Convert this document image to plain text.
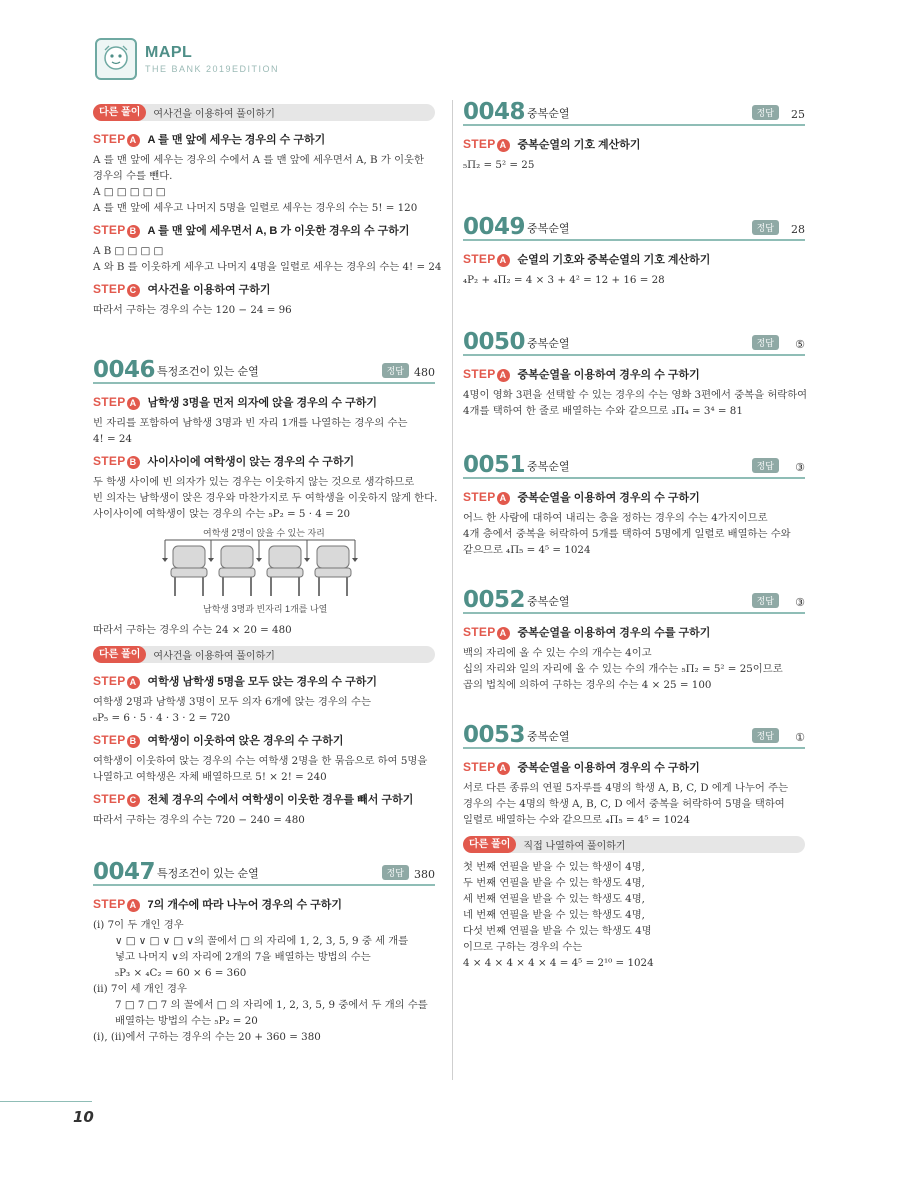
MAPL
THE BANK 2019EDITION
다른 풀이	여사건을 이용하여 풀이하기
STEP A A 를 맨 앞에 세우는 경우의 수 구하기
A 를 맨 앞에 세우는 경우의 수에서 A 를 맨 앞에 세우면서 A, B 가 이웃한
경우의 수를 뺀다.
A □ □ □ □ □
A 를 맨 앞에 세우고 나머지 5명을 일렬로 세우는 경우의 수는 5! = 120
STEP B A 를 맨 앞에 세우면서 A, B 가 이웃한 경우의 수 구하기
A B □ □ □ □
A 와 B 를 이웃하게 세우고 나머지 4명을 일렬로 세우는 경우의 수는 4! = 24
STEP C 여사건을 이용하여 구하기
따라서 구하는 경우의 수는 120 − 24 = 96
0046 특정조건이 있는 순열	정답 480
STEP A 남학생 3명을 먼저 의자에 앉을 경우의 수 구하기
빈 자리를 포함하여 남학생 3명과 빈 자리 1개를 나열하는 경우의 수는
4! = 24
STEP B 사이사이에 여학생이 앉는 경우의 수 구하기
두 학생 사이에 빈 의자가 있는 경우는 이웃하지 않는 것으로 생각하므로
빈 의자는 남학생이 앉은 경우와 마찬가지로 두 여학생을 이웃하지 않게 한다.
사이사이에 여학생이 앉는 경우의 수는 ₅P₂ = 5 · 4 = 20
여학생 2명이 앉을 수 있는 자리
남학생 3명과 빈자리 1개를 나열
따라서 구하는 경우의 수는 24 × 20 = 480
다른 풀이	여사건을 이용하여 풀이하기
STEP A 여학생 남학생 5명을 모두 앉는 경우의 수 구하기
여학생 2명과 남학생 3명이 모두 의자 6개에 앉는 경우의 수는
₆P₅ = 6 · 5 · 4 · 3 · 2 = 720
STEP B 여학생이 이웃하여 앉은 경우의 수 구하기
여학생이 이웃하여 앉는 경우의 수는 여학생 2명을 한 묶음으로 하여 5명을
나열하고 여학생은 자체 배열하므로 5! × 2! = 240
STEP C 전체 경우의 수에서 여학생이 이웃한 경우를 빼서 구하기
따라서 구하는 경우의 수는 720 − 240 = 480
0047 특정조건이 있는 순열	정답 380
STEP A 7의 개수에 따라 나누어 경우의 수 구하기
(ⅰ) 7이 두 개인 경우
∨ □ ∨ □ ∨ □ ∨의 꼴에서 □ 의 자리에 1, 2, 3, 5, 9 중 세 개를
넣고 나머지 ∨의 자리에 2개의 7을 배열하는 방법의 수는
₅P₃ × ₄C₂ = 60 × 6 = 360
(ⅱ) 7이 세 개인 경우
7 □ 7 □ 7 의 꼴에서 □ 의 자리에 1, 2, 3, 5, 9 중에서 두 개의 수를
배열하는 방법의 수는 ₅P₂ = 20
(ⅰ), (ⅱ)에서 구하는 경우의 수는 20 + 360 = 380
0048 중복순열	정답	25
STEP A 중복순열의 기호 계산하기
₅Π₂ = 5² = 25
0049 중복순열	정답	28
STEP A 순열의 기호와 중복순열의 기호 계산하기
₄P₂ + ₄Π₂ = 4 × 3 + 4² = 12 + 16 = 28
0050 중복순열	정답	⑤
STEP A 중복순열을 이용하여 경우의 수 구하기
4명이 영화 3편을 선택할 수 있는 경우의 수는 영화 3편에서 중복을 허락하여
4개를 택하여 한 줄로 배열하는 수와 같으므로 ₃Π₄ = 3⁴ = 81
0051 중복순열	정답	③
STEP A 중복순열을 이용하여 경우의 수 구하기
어느 한 사람에 대하여 내리는 층을 정하는 경우의 수는 4가지이므로
4개 층에서 중복을 허락하여 5개를 택하여 5명에게 일렬로 배열하는 수와
같으므로 ₄Π₅ = 4⁵ = 1024
0052 중복순열	정답	③
STEP A 중복순열을 이용하여 경우의 수를 구하기
백의 자리에 올 수 있는 수의 개수는 4이고
십의 자리와 일의 자리에 올 수 있는 수의 개수는 ₅Π₂ = 5² = 25이므로
곱의 법칙에 의하여 구하는 경우의 수는 4 × 25 = 100
0053 중복순열	정답	①
STEP A 중복순열을 이용하여 경우의 수 구하기
서로 다른 종류의 연필 5자루를 4명의 학생 A, B, C, D 에게 나누어 주는
경우의 수는 4명의 학생 A, B, C, D 에서 중복을 허락하여 5명을 택하여
일렬로 배열하는 수와 같으므로 ₄Π₅ = 4⁵ = 1024
다른 풀이	직접 나열하여 풀이하기
첫 번째 연필을 받을 수 있는 학생이 4명,
두 번째 연필을 받을 수 있는 학생도 4명,
세 번째 연필을 받을 수 있는 학생도 4명,
네 번째 연필을 받을 수 있는 학생도 4명,
다섯 번째 연필을 받을 수 있는 학생도 4명
이므로 구하는 경우의 수는
4 × 4 × 4 × 4 × 4 = 4⁵ = 2¹⁰ = 1024
10
